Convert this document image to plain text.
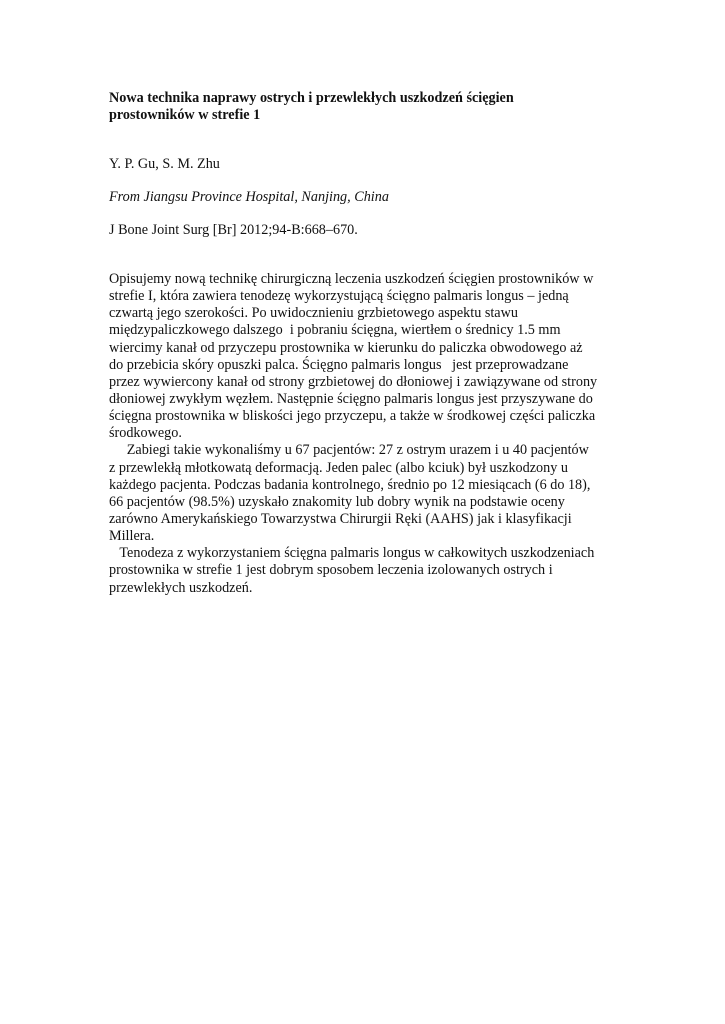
Nowa technika naprawy ostrych i przewlekłych uszkodzeń ścięgien
prostowników w strefie 1

Y. P. Gu, S. M. Zhu

From Jiangsu Province Hospital, Nanjing, China

J Bone Joint Surg [Br] 2012;94-B:668–670.

Opisujemy nową technikę chirurgiczną leczenia uszkodzeń ścięgien prostowników w
strefie I, która zawiera tenodezę wykorzystującą ścięgno palmaris longus – jedną
czwartą jego szerokości. Po uwidocznieniu grzbietowego aspektu stawu
międzypaliczkowego dalszego  i pobraniu ścięgna, wiertłem o średnicy 1.5 mm
wiercimy kanał od przyczepu prostownika w kierunku do paliczka obwodowego aż
do przebicia skóry opuszki palca. Ścięgno palmaris longus   jest przeprowadzane
przez wywiercony kanał od strony grzbietowej do dłoniowej i zawiązywane od strony
dłoniowej zwykłym węzłem. Następnie ścięgno palmaris longus jest przyszywane do
ścięgna prostownika w bliskości jego przyczepu, a także w środkowej części paliczka
środkowego.
Zabiegi takie wykonaliśmy u 67 pacjentów: 27 z ostrym urazem i u 40 pacjentów
z przewlekłą młotkowatą deformacją. Jeden palec (albo kciuk) był uszkodzony u
każdego pacjenta. Podczas badania kontrolnego, średnio po 12 miesiącach (6 do 18),
66 pacjentów (98.5%) uzyskało znakomity lub dobry wynik na podstawie oceny
zarówno Amerykańskiego Towarzystwa Chirurgii Ręki (AAHS) jak i klasyfikacji
Millera.
Tenodeza z wykorzystaniem ścięgna palmaris longus w całkowitych uszkodzeniach
prostownika w strefie 1 jest dobrym sposobem leczenia izolowanych ostrych i
przewlekłych uszkodzeń.
